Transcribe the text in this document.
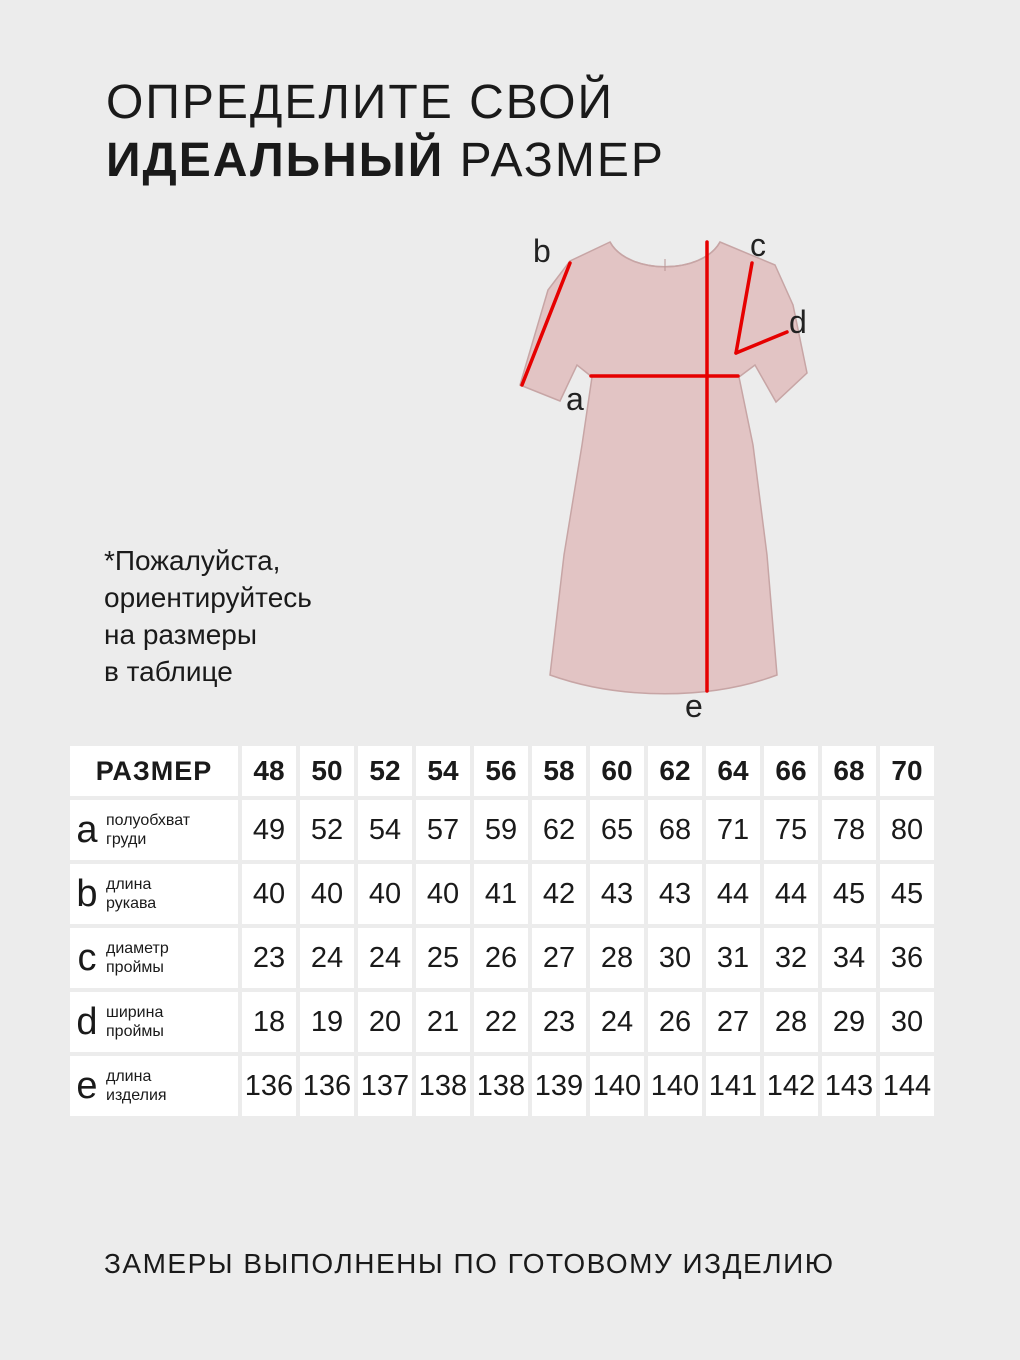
ОПРЕДЕЛИТЕ СВОЙ
ИДЕАЛЬНЫЙ РАЗМЕР
a
b	c
d
e
*Пожалуйста,
ориентируйтесь
на размеры
в таблице
РАЗМЕР	48	50	52	54	56	58	60	62	64	66	68	70

a полуобхват
груди	49	52	54	57	59	62	65	68	71	75	78	80

b длина
рукава	40	40	40	40	41	42	43	43	44	44	45	45

c диаметр
проймы	23	24	24	25	26	27	28	30	31	32	34	36

d ширина
проймы	18	19	20	21	22	23	24	26	27	28	29	30

e длина
изделия	136	136	137	138	138	139	140	140	141	142	143	144
ЗАМЕРЫ ВЫПОЛНЕНЫ ПО ГОТОВОМУ ИЗДЕЛИЮ
